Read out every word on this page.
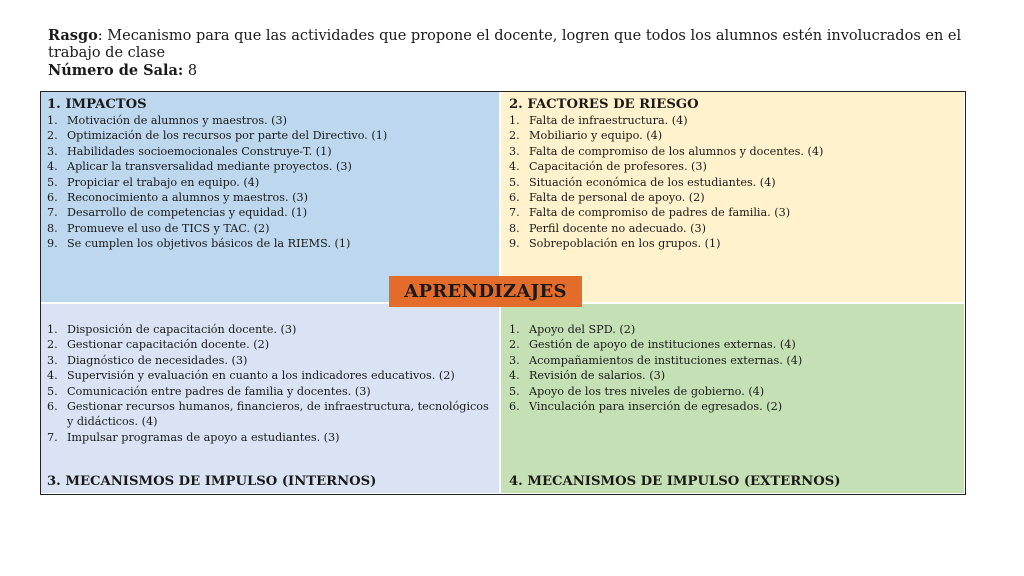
Rasgo: Mecanismo para que las actividades que propone el docente, logren que todos los alumnos estén involucrados en el trabajo de clase
Número de Sala: 8
1. IMPACTOS
1. Motivación de alumnos y maestros. (3)
2. Optimización de los recursos por parte del Directivo. (1)
3. Habilidades socioemocionales Construye-T. (1)
4. Aplicar la transversalidad mediante proyectos. (3)
5. Propiciar el trabajo en equipo. (4)
6. Reconocimiento a alumnos y maestros. (3)
7. Desarrollo de competencias y equidad. (1)
8. Promueve el uso de TICS y TAC. (2)
9. Se cumplen los objetivos básicos de la RIEMS. (1)
2. FACTORES DE RIESGO
1. Falta de infraestructura. (4)
2. Mobiliario y equipo. (4)
3. Falta de compromiso de los alumnos y docentes. (4)
4. Capacitación de profesores. (3)
5. Situación económica de los estudiantes. (4)
6. Falta de personal de apoyo. (2)
7. Falta de compromiso de padres de familia. (3)
8. Perfil docente no adecuado. (3)
9. Sobrepoblación en los grupos. (1)
1. Disposición de capacitación docente. (3)
2. Gestionar capacitación docente. (2)
3. Diagnóstico de necesidades. (3)
4. Supervisión y evaluación en cuanto a los indicadores educativos. (2)
5. Comunicación entre padres de familia y docentes. (3)
6. Gestionar recursos humanos, financieros, de infraestructura, tecnológicos y didácticos. (4)
7. Impulsar programas de apoyo a estudiantes. (3)
3. MECANISMOS DE IMPULSO (INTERNOS)
1. Apoyo del SPD. (2)
2. Gestión de apoyo de instituciones externas. (4)
3. Acompañamientos de instituciones externas. (4)
4. Revisión de salarios. (3)
5. Apoyo de los tres niveles de gobierno. (4)
6. Vinculación para inserción de egresados. (2)
4. MECANISMOS DE IMPULSO (EXTERNOS)
APRENDIZAJES
